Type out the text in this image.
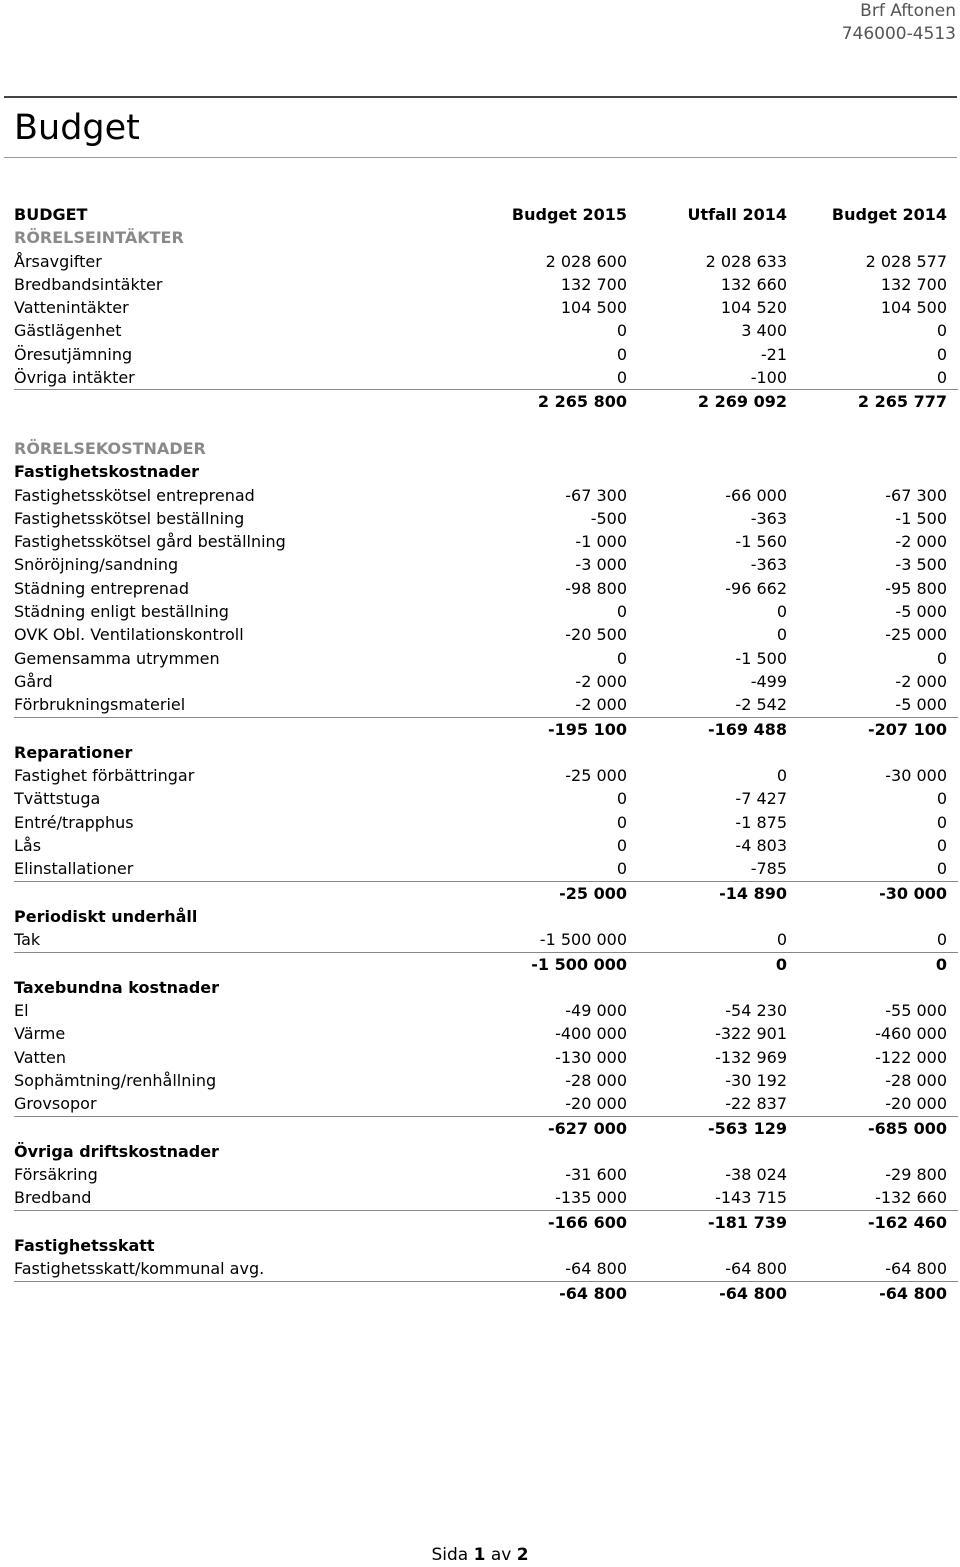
Brf Aftonen
746000-4513
Budget
BUDGET	Budget 2015	Utfall 2014	Budget 2014
RÖRELSEINTÄKTER
Årsavgifter	2 028 600	2 028 633	2 028 577
Bredbandsintäkter	132 700	132 660	132 700
Vattenintäkter	104 500	104 520	104 500
Gästlägenhet	0	3 400	0
Öresutjämning	0	-21	0
Övriga intäkter	0	-100	0
2 265 800	2 269 092	2 265 777
RÖRELSEKOSTNADER
Fastighetskostnader
Fastighetsskötsel entreprenad	-67 300	-66 000	-67 300
Fastighetsskötsel beställning	-500	-363	-1 500
Fastighetsskötsel gård beställning	-1 000	-1 560	-2 000
Snöröjning/sandning	-3 000	-363	-3 500
Städning entreprenad	-98 800	-96 662	-95 800
Städning enligt beställning	0	0	-5 000
OVK Obl. Ventilationskontroll	-20 500	0	-25 000
Gemensamma utrymmen	0	-1 500	0
Gård	-2 000	-499	-2 000
Förbrukningsmateriel	-2 000	-2 542	-5 000
-195 100	-169 488	-207 100
Reparationer
Fastighet förbättringar	-25 000	0	-30 000
Tvättstuga	0	-7 427	0
Entré/trapphus	0	-1 875	0
Lås	0	-4 803	0
Elinstallationer	0	-785	0
-25 000	-14 890	-30 000
Periodiskt underhåll
Tak	-1 500 000	0	0
-1 500 000	0	0
Taxebundna kostnader
El	-49 000	-54 230	-55 000
Värme	-400 000	-322 901	-460 000
Vatten	-130 000	-132 969	-122 000
Sophämtning/renhållning	-28 000	-30 192	-28 000
Grovsopor	-20 000	-22 837	-20 000
-627 000	-563 129	-685 000
Övriga driftskostnader
Försäkring	-31 600	-38 024	-29 800
Bredband	-135 000	-143 715	-132 660
-166 600	-181 739	-162 460
Fastighetsskatt
Fastighetsskatt/kommunal avg.	-64 800	-64 800	-64 800
-64 800	-64 800	-64 800
Sida 1 av 2
